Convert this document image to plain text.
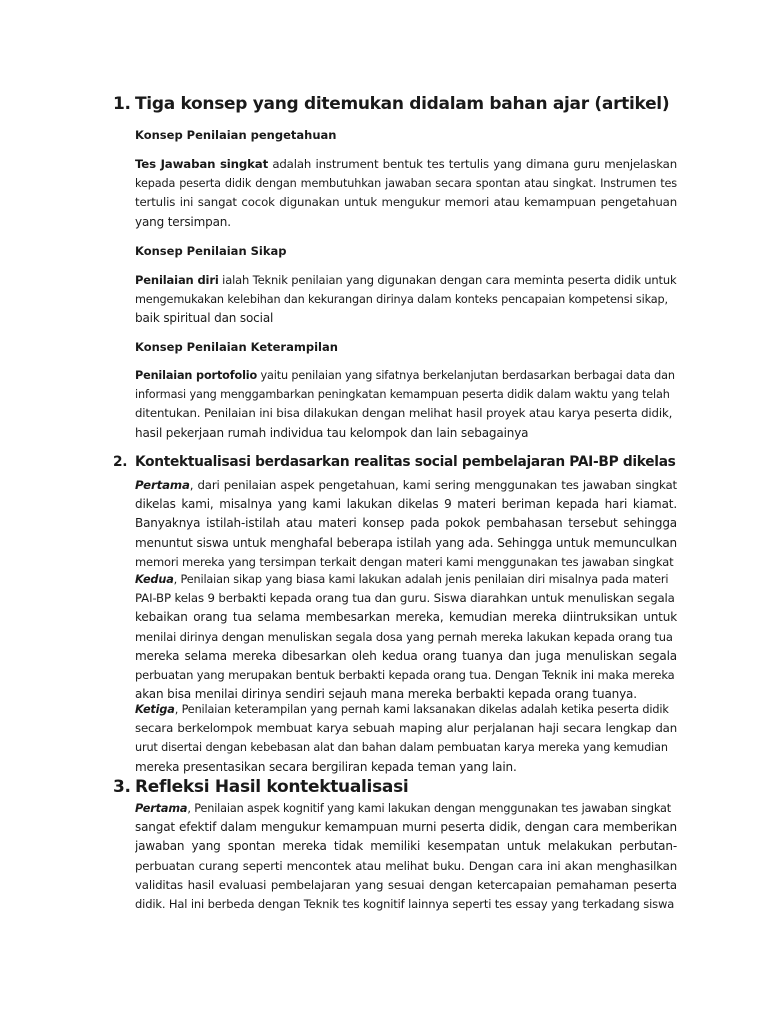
1. Tiga konsep yang ditemukan didalam bahan ajar (artikel)

Konsep Penilaian pengetahuan

Tes Jawaban singkat adalah instrument bentuk tes tertulis yang dimana guru menjelaskan
kepada peserta didik dengan membutuhkan jawaban secara spontan atau singkat. Instrumen tes
tertulis ini sangat cocok digunakan untuk mengukur memori atau kemampuan pengetahuan
yang tersimpan.

Konsep Penilaian Sikap

Penilaian diri ialah Teknik penilaian yang digunakan dengan cara meminta peserta didik untuk
mengemukakan kelebihan dan kekurangan dirinya dalam konteks pencapaian kompetensi sikap,
baik spiritual dan social

Konsep Penilaian Keterampilan

Penilaian portofolio yaitu penilaian yang sifatnya berkelanjutan berdasarkan berbagai data dan
informasi yang menggambarkan peningkatan kemampuan peserta didik dalam waktu yang telah
ditentukan. Penilaian ini bisa dilakukan dengan melihat hasil proyek atau karya peserta didik,
hasil pekerjaan rumah individua tau kelompok dan lain sebagainya
2. Kontektualisasi berdasarkan realitas social pembelajaran PAI-BP dikelas
Pertama, dari penilaian aspek pengetahuan, kami sering menggunakan tes jawaban singkat
dikelas kami, misalnya yang kami lakukan dikelas 9 materi beriman kepada hari kiamat.
Banyaknya istilah-istilah atau materi konsep pada pokok pembahasan tersebut sehingga
menuntut siswa untuk menghafal beberapa istilah yang ada. Sehingga untuk memunculkan
memori mereka yang tersimpan terkait dengan materi kami menggunakan tes jawaban singkat
Kedua, Penilaian sikap yang biasa kami lakukan adalah jenis penilaian diri misalnya pada materi
PAI-BP kelas 9 berbakti kepada orang tua dan guru. Siswa diarahkan untuk menuliskan segala
kebaikan orang tua selama membesarkan mereka, kemudian mereka diintruksikan untuk
menilai dirinya dengan menuliskan segala dosa yang pernah mereka lakukan kepada orang tua
mereka selama mereka dibesarkan oleh kedua orang tuanya dan juga menuliskan segala
perbuatan yang merupakan bentuk berbakti kepada orang tua. Dengan Teknik ini maka mereka
akan bisa menilai dirinya sendiri sejauh mana mereka berbakti kepada orang tuanya.
Ketiga, Penilaian keterampilan yang pernah kami laksanakan dikelas adalah ketika peserta didik
secara berkelompok membuat karya sebuah maping alur perjalanan haji secara lengkap dan
urut disertai dengan kebebasan alat dan bahan dalam pembuatan karya mereka yang kemudian
mereka presentasikan secara bergiliran kepada teman yang lain.
3. Refleksi Hasil kontektualisasi
Pertama, Penilaian aspek kognitif yang kami lakukan dengan menggunakan tes jawaban singkat
sangat efektif dalam mengukur kemampuan murni peserta didik, dengan cara memberikan
jawaban yang spontan mereka tidak memiliki kesempatan untuk melakukan perbutan-
perbuatan curang seperti mencontek atau melihat buku. Dengan cara ini akan menghasilkan
validitas hasil evaluasi pembelajaran yang sesuai dengan ketercapaian pemahaman peserta
didik. Hal ini berbeda dengan Teknik tes kognitif lainnya seperti tes essay yang terkadang siswa
